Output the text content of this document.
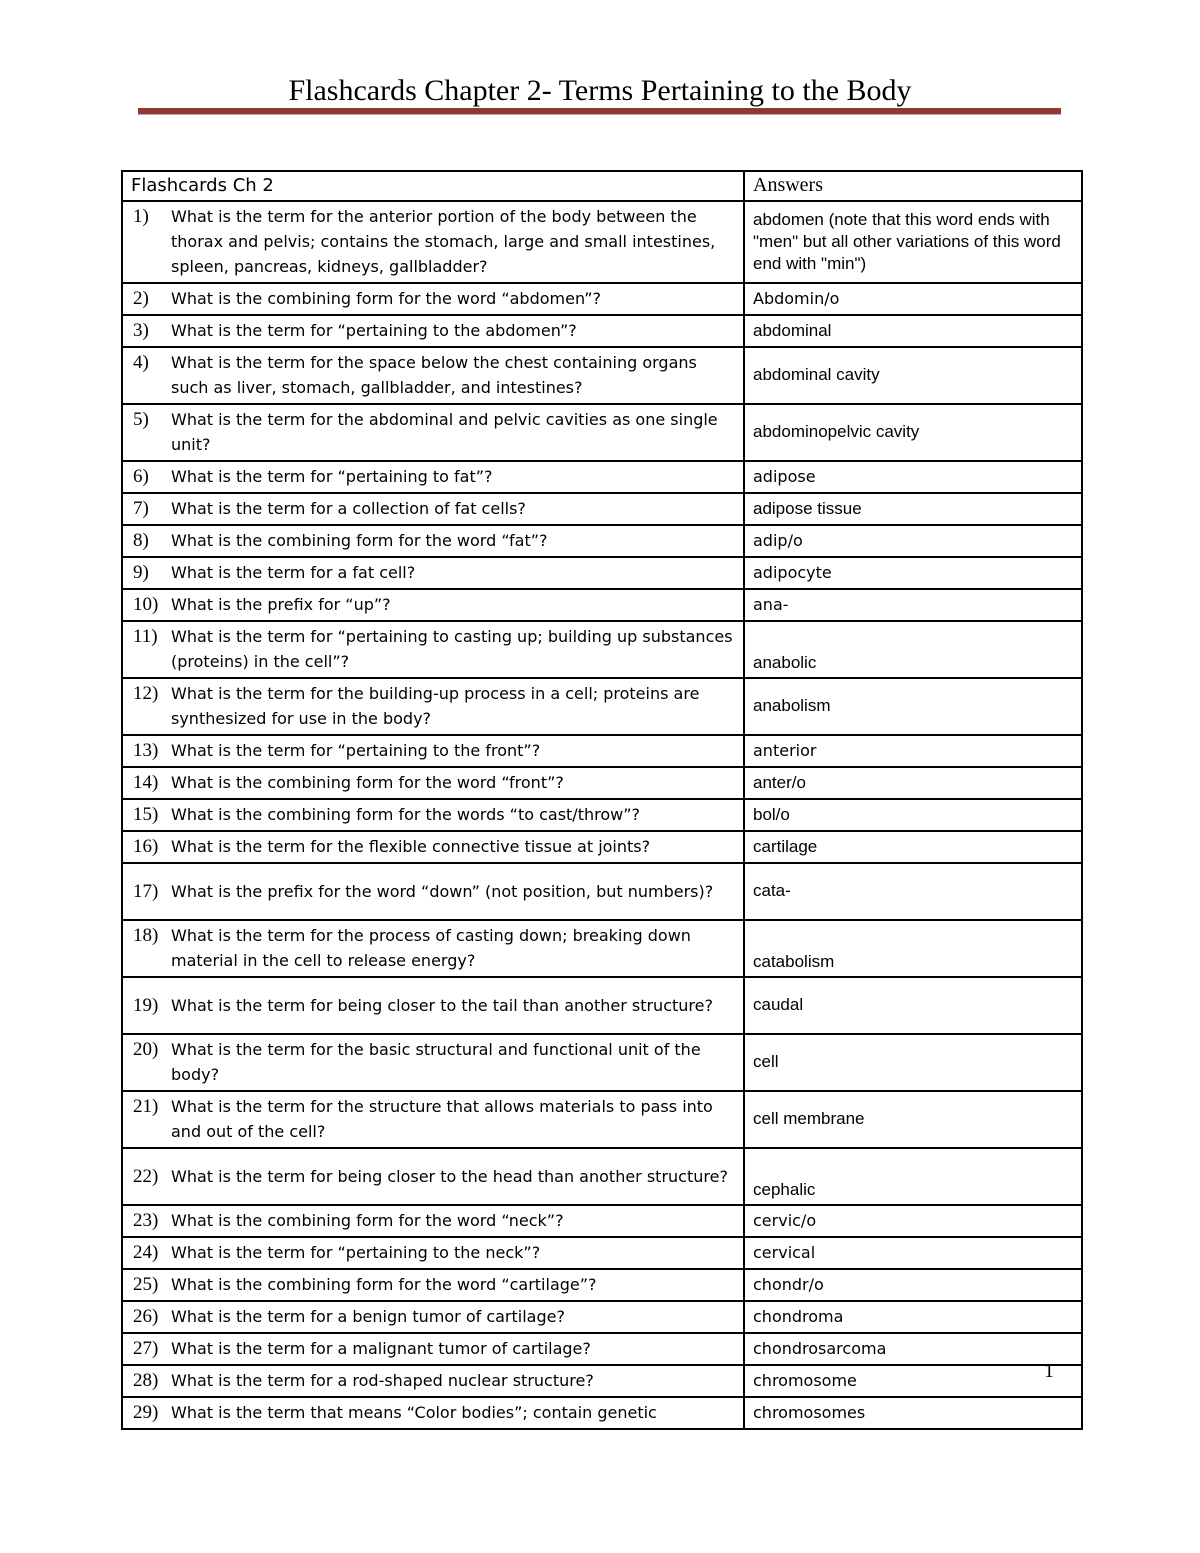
Flashcards Chapter 2- Terms Pertaining to the Body
Flashcards Ch 2	Answers

1) What is the term for the anterior portion of the body between the thorax and pelvis; contains the stomach, large and small intestines, spleen, pancreas, kidneys, gallbladder?	abdomen (note that this word ends with "men" but all other variations of this word end with "min")

2) What is the combining form for the word “abdomen”?	Abdomin/o

3) What is the term for “pertaining to the abdomen”?	abdominal

4) What is the term for the space below the chest containing organs such as liver, stomach, gallbladder, and intestines?	abdominal cavity

5) What is the term for the abdominal and pelvic cavities as one single unit?	abdominopelvic cavity

6) What is the term for “pertaining to fat”?	adipose

7) What is the term for a collection of fat cells?	adipose tissue

8) What is the combining form for the word “fat”?	adip/o

9) What is the term for a fat cell?	adipocyte

10) What is the prefix for “up”?	ana-

11) What is the term for “pertaining to casting up; building up substances (proteins) in the cell”?	anabolic

12) What is the term for the building-up process in a cell; proteins are synthesized for use in the body?	anabolism

13) What is the term for “pertaining to the front”?	anterior

14) What is the combining form for the word “front”?	anter/o

15) What is the combining form for the words “to cast/throw”?	bol/o

16) What is the term for the flexible connective tissue at joints?	cartilage

17) What is the prefix for the word “down” (not position, but numbers)?	cata-

18) What is the term for the process of casting down; breaking down material in the cell to release energy?	catabolism

19) What is the term for being closer to the tail than another structure?	caudal

20) What is the term for the basic structural and functional unit of the body?	cell

21) What is the term for the structure that allows materials to pass into and out of the cell?	cell membrane

22) What is the term for being closer to the head than another structure?	cephalic

23) What is the combining form for the word “neck”?	cervic/o

24) What is the term for “pertaining to the neck”?	cervical

25) What is the combining form for the word “cartilage”?	chondr/o

26) What is the term for a benign tumor of cartilage?	chondroma

27) What is the term for a malignant tumor of cartilage?	chondrosarcoma

28) What is the term for a rod-shaped nuclear structure?	chromosome

29) What is the term that means “Color bodies”; contain genetic	chromosomes
1
